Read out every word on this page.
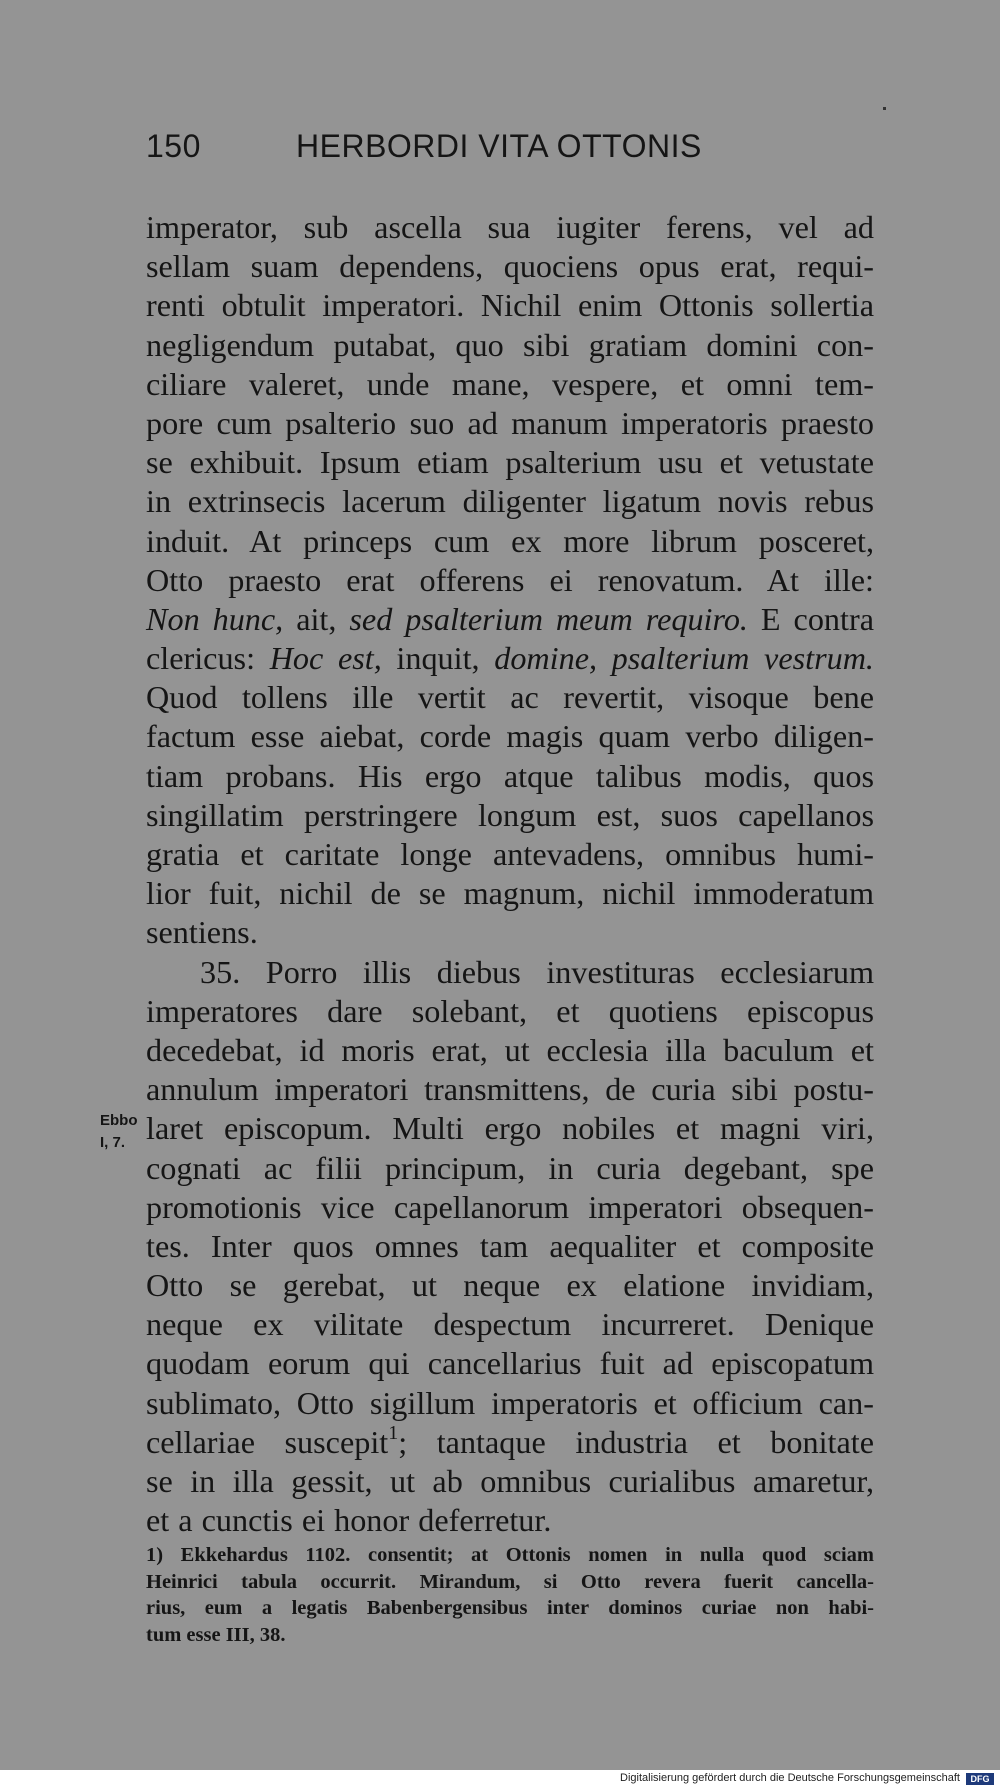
150	HERBORDI VITA OTTONIS
imperator, sub ascella sua iugiter ferens, vel ad
sellam suam dependens, quociens opus erat, requi-
renti obtulit imperatori. Nichil enim Ottonis sollertia
negligendum putabat, quo sibi gratiam domini con-
ciliare valeret, unde mane, vespere, et omni tem-
pore cum psalterio suo ad manum imperatoris praesto
se exhibuit. Ipsum etiam psalterium usu et vetustate
in extrinsecis lacerum diligenter ligatum novis rebus
induit. At princeps cum ex more librum posceret,
Otto praesto erat offerens ei renovatum. At ille:
Non hunc, ait, sed psalterium meum requiro. E contra
clericus: Hoc est, inquit, domine, psalterium vestrum.
Quod tollens ille vertit ac revertit, visoque bene
factum esse aiebat, corde magis quam verbo diligen-
tiam probans. His ergo atque talibus modis, quos
singillatim perstringere longum est, suos capellanos
gratia et caritate longe antevadens, omnibus humi-
lior fuit, nichil de se magnum, nichil immoderatum
sentiens.
35. Porro illis diebus investituras ecclesiarum
imperatores dare solebant, et quotiens episcopus
decedebat, id moris erat, ut ecclesia illa baculum et
annulum imperatori transmittens, de curia sibi postu-
laret episcopum. Multi ergo nobiles et magni viri,
cognati ac filii principum, in curia degebant, spe
promotionis vice capellanorum imperatori obsequen-
tes. Inter quos omnes tam aequaliter et composite
Otto se gerebat, ut neque ex elatione invidiam,
neque ex vilitate despectum incurreret. Denique
quodam eorum qui cancellarius fuit ad episcopatum
sublimato, Otto sigillum imperatoris et officium can-
cellariae suscepit$^1$; tantaque industria et bonitate
se in illa gessit, ut ab omnibus curialibus amaretur,
et a cunctis ei honor deferretur.
Ebbo
I, 7.
1) Ekkehardus 1102. consentit; at Ottonis nomen in nulla quod sciam
Heinrici tabula occurrit. Mirandum, si Otto revera fuerit cancella-
rius, eum a legatis Babenbergensibus inter dominos curiae non habi-
tum esse III, 38.
Digitalisierung gefördert durch die Deutsche Forschungsgemeinschaft	DFG
